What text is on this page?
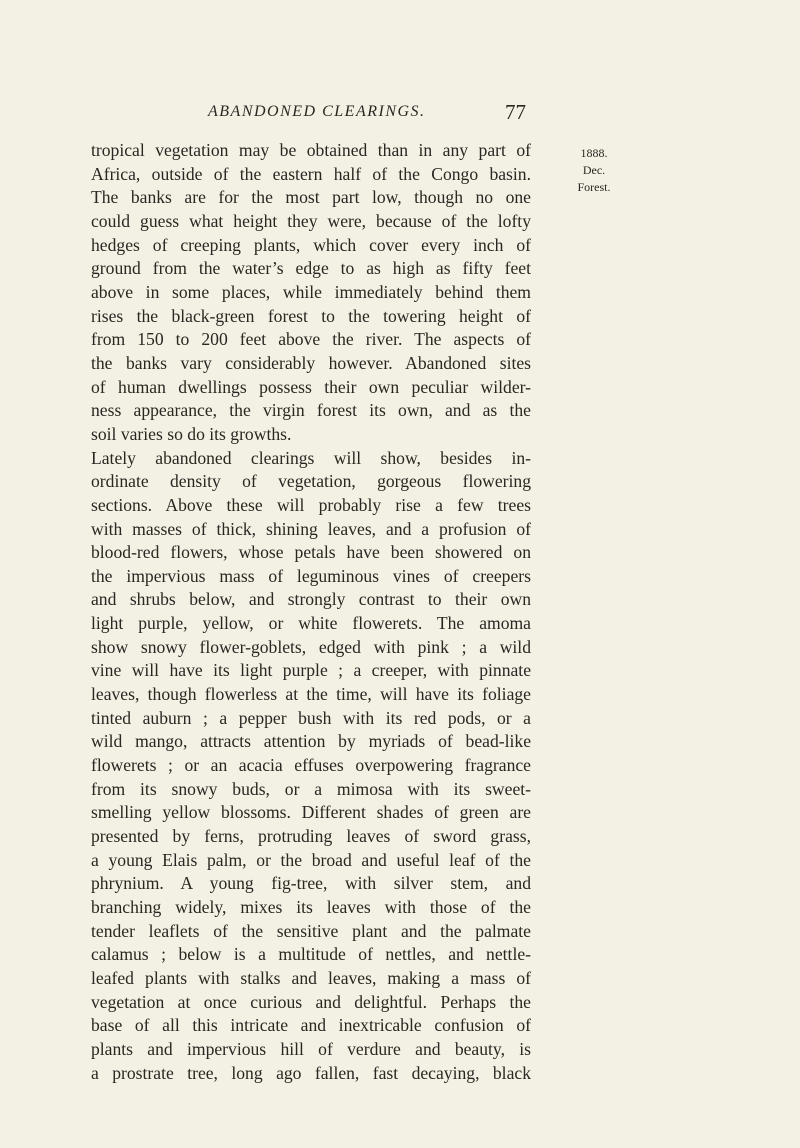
ABANDONED CLEARINGS.	77
tropical vegetation may be obtained than in any part of
Africa, outside of the eastern half of the Congo basin.
The banks are for the most part low, though no one
could guess what height they were, because of the lofty
hedges of creeping plants, which cover every inch of
ground from the water’s edge to as high as fifty feet
above in some places, while immediately behind them
rises the black-green forest to the towering height of
from 150 to 200 feet above the river. The aspects of
the banks vary considerably however. Abandoned sites
of human dwellings possess their own peculiar wilder-
ness appearance, the virgin forest its own, and as the
soil varies so do its growths.
Lately abandoned clearings will show, besides in-
ordinate density of vegetation, gorgeous flowering
sections. Above these will probably rise a few trees
with masses of thick, shining leaves, and a profusion of
blood-red flowers, whose petals have been showered on
the impervious mass of leguminous vines of creepers
and shrubs below, and strongly contrast to their own
light purple, yellow, or white flowerets. The amoma
show snowy flower-goblets, edged with pink ; a wild
vine will have its light purple ; a creeper, with pinnate
leaves, though flowerless at the time, will have its foliage
tinted auburn ; a pepper bush with its red pods, or a
wild mango, attracts attention by myriads of bead-like
flowerets ; or an acacia effuses overpowering fragrance
from its snowy buds, or a mimosa with its sweet-
smelling yellow blossoms. Different shades of green are
presented by ferns, protruding leaves of sword grass,
a young Elais palm, or the broad and useful leaf of the
phrynium. A young fig-tree, with silver stem, and
branching widely, mixes its leaves with those of the
tender leaflets of the sensitive plant and the palmate
calamus ; below is a multitude of nettles, and nettle-
leafed plants with stalks and leaves, making a mass of
vegetation at once curious and delightful. Perhaps the
base of all this intricate and inextricable confusion of
plants and impervious hill of verdure and beauty, is
a prostrate tree, long ago fallen, fast decaying, black
1888.
Dec.
Forest.
